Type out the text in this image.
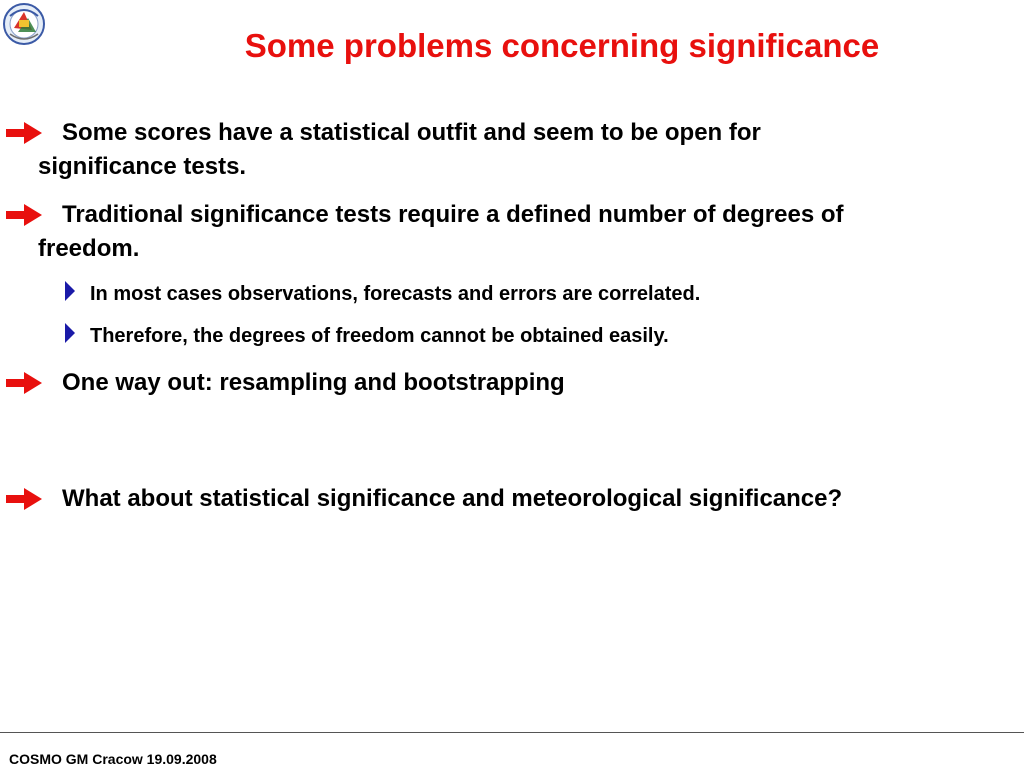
Some problems concerning significance
Some scores have a statistical outfit and seem to be open for
significance tests.
Traditional significance tests require a defined number of degrees of
freedom.
In most cases observations, forecasts and errors are correlated.
Therefore, the degrees of freedom cannot be obtained easily.
One way out: resampling and bootstrapping
What about statistical significance and meteorological significance?
COSMO GM Cracow 19.09.2008
